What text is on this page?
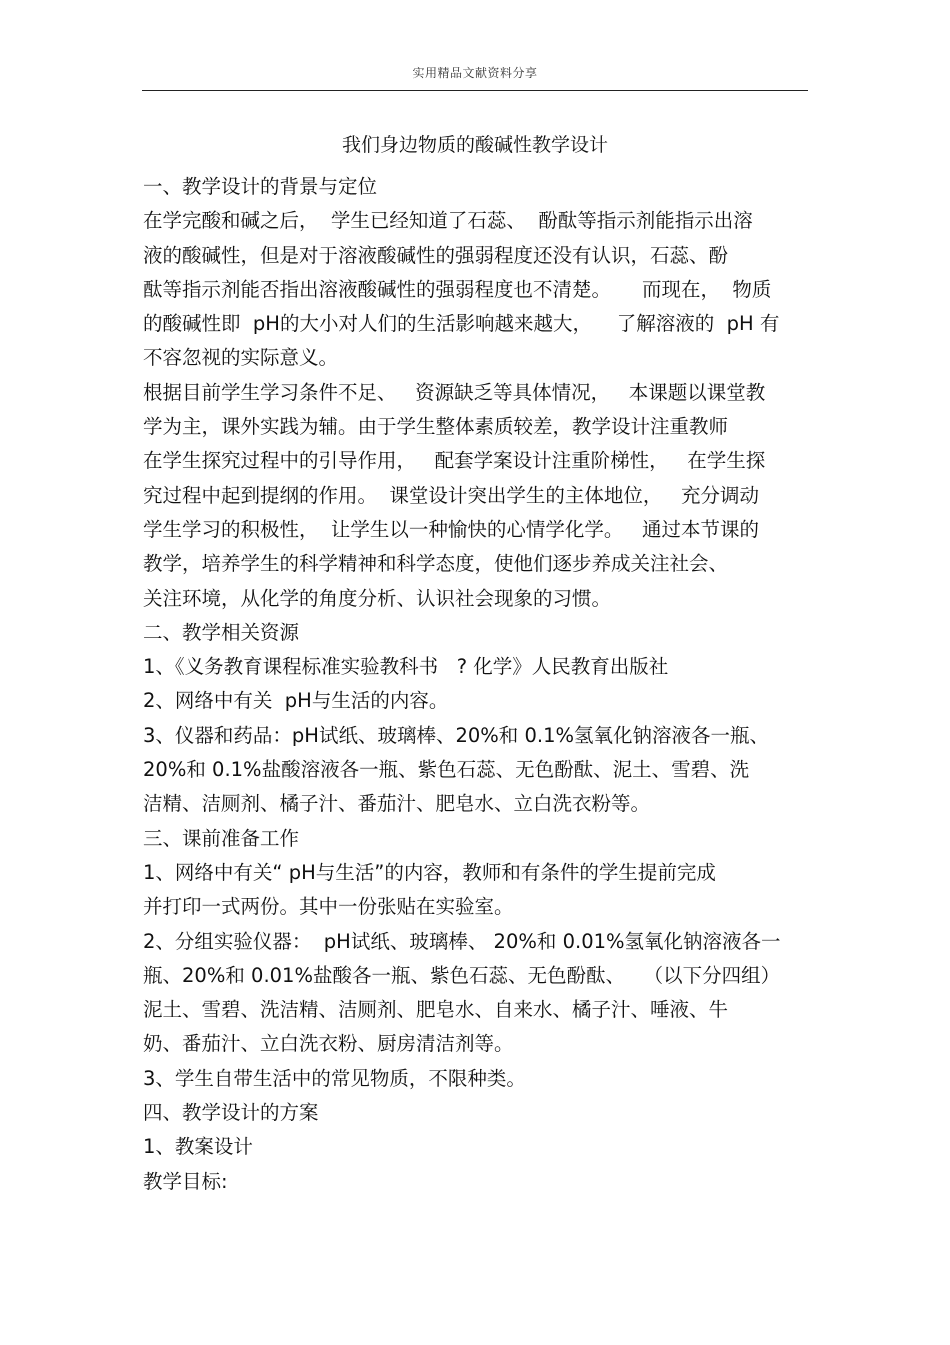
实用精品文献资料分享
我们身边物质的酸碱性教学设计
一、教学设计的背景与定位
在学完酸和碱之后，  学生已经知道了石蕊、  酚酞等指示剂能指示出溶
液的酸碱性，但是对于溶液酸碱性的强弱程度还没有认识，石蕊、酚
酞等指示剂能否指出溶液酸碱性的强弱程度也不清楚。     而现在，  物质
的酸碱性即  pH的大小对人们的生活影响越来越大，    了解溶液的  pH 有
不容忽视的实际意义。
根据目前学生学习条件不足、   资源缺乏等具体情况，   本课题以课堂教
学为主，课外实践为辅。由于学生整体素质较差，教学设计注重教师
在学生探究过程中的引导作用，   配套学案设计注重阶梯性，   在学生探
究过程中起到提纲的作用。  课堂设计突出学生的主体地位，   充分调动
学生学习的积极性，  让学生以一种愉快的心情学化学。   通过本节课的
教学，培养学生的科学精神和科学态度，使他们逐步养成关注社会、
关注环境，从化学的角度分析、认识社会现象的习惯。
二、教学相关资源
1、《义务教育课程标准实验教科书   ? 化学》人民教育出版社
2、网络中有关  pH与生活的内容。
3、仪器和药品：pH试纸、玻璃棒、20%和 0.1%氢氧化钠溶液各一瓶、
20%和 0.1%盐酸溶液各一瓶、紫色石蕊、无色酚酞、泥土、雪碧、洗
洁精、洁厕剂、橘子汁、番茄汁、肥皂水、立白洗衣粉等。
三、课前准备工作
1、网络中有关“ pH与生活”的内容，教师和有条件的学生提前完成
并打印一式两份。其中一份张贴在实验室。
2、分组实验仪器：  pH试纸、玻璃棒、 20%和 0.01%氢氧化钠溶液各一
瓶、20%和 0.01%盐酸各一瓶、紫色石蕊、无色酚酞、   （以下分四组）
泥土、雪碧、洗洁精、洁厕剂、肥皂水、自来水、橘子汁、唾液、牛
奶、番茄汁、立白洗衣粉、厨房清洁剂等。
3、学生自带生活中的常见物质，不限种类。
四、教学设计的方案
1、教案设计
教学目标:
